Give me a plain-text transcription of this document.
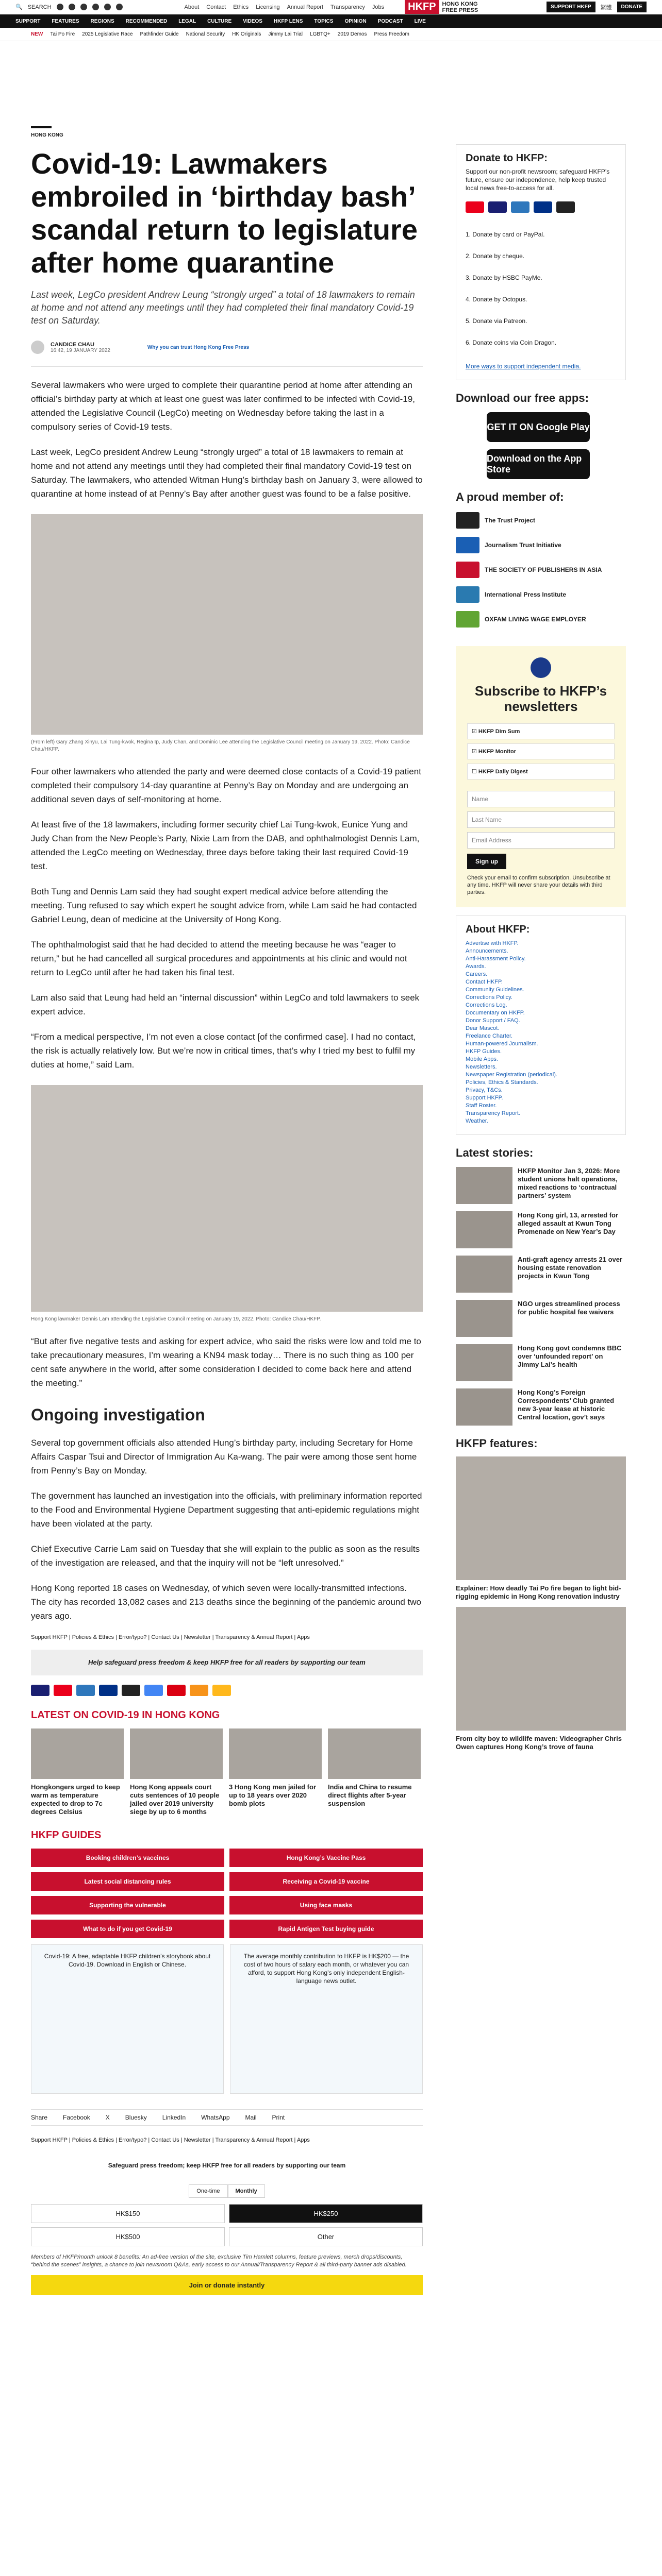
🔍 SEARCH	About Contact Ethics Licensing Annual Report Transparency Jobs	HKFP	HONG KONG
FREE PRESS	SUPPORT HKFP	繁體	DONATE
SUPPORT FEATURES REGIONS RECOMMENDED LEGAL CULTURE VIDEOS HKFP LENS TOPICS OPINION PODCAST LIVE
NEW Tai Po Fire 2025 Legislative Race Pathfinder Guide National Security HK Originals Jimmy Lai Trial LGBTQ+ 2019 Demos Press Freedom
HONG KONG
Covid-19: Lawmakers embroiled in ‘birthday bash’ scandal return to legislature after home quarantine
Last week, LegCo president Andrew Leung “strongly urged” a total of 18 lawmakers to remain at home and not attend any meetings until they had completed their final mandatory Covid-19 test on Saturday.
CANDICE CHAU
16:42, 19 JANUARY 2022
Why you can trust Hong Kong Free Press
Several lawmakers who were urged to complete their quarantine period at home after attending an official’s birthday party at which at least one guest was later confirmed to be infected with Covid-19, attended the Legislative Council (LegCo) meeting on Wednesday before taking the last in a compulsory series of Covid-19 tests.
Last week, LegCo president Andrew Leung “strongly urged” a total of 18 lawmakers to remain at home and not attend any meetings until they had completed their final mandatory Covid-19 test on Saturday. The lawmakers, who attended Witman Hung’s birthday bash on January 3, were allowed to quarantine at home instead of at Penny’s Bay after another guest was found to be a false positive.
(From left) Gary Zhang Xinyu, Lai Tung-kwok, Regina Ip, Judy Chan, and Dominic Lee attending the Legislative Council meeting on January 19, 2022. Photo: Candice Chau/HKFP.
Four other lawmakers who attended the party and were deemed close contacts of a Covid-19 patient completed their compulsory 14-day quarantine at Penny’s Bay on Monday and are undergoing an additional seven days of self-monitoring at home.
At least five of the 18 lawmakers, including former security chief Lai Tung-kwok, Eunice Yung and Judy Chan from the New People’s Party, Nixie Lam from the DAB, and ophthalmologist Dennis Lam, attended the LegCo meeting on Wednesday, three days before taking their last required Covid-19 test.
Both Tung and Dennis Lam said they had sought expert medical advice before attending the meeting. Tung refused to say which expert he sought advice from, while Lam said he had contacted Gabriel Leung, dean of medicine at the University of Hong Kong.
The ophthalmologist said that he had decided to attend the meeting because he was “eager to return,” but he had cancelled all surgical procedures and appointments at his clinic and would not return to LegCo until after he had taken his final test.
Lam also said that Leung had held an “internal discussion” within LegCo and told lawmakers to seek expert advice.
“From a medical perspective, I’m not even a close contact [of the confirmed case]. I had no contact, the risk is actually relatively low. But we’re now in critical times, that’s why I tried my best to fulfil my duties at home,” said Lam.
Hong Kong lawmaker Dennis Lam attending the Legislative Council meeting on January 19, 2022. Photo: Candice Chau/HKFP.
“But after five negative tests and asking for expert advice, who said the risks were low and told me to take precautionary measures, I’m wearing a KN94 mask today… There is no such thing as 100 per cent safe anywhere in the world, after some consideration I decided to come back here and attend the meeting.”
Ongoing investigation
Several top government officials also attended Hung’s birthday party, including Secretary for Home Affairs Caspar Tsui and Director of Immigration Au Ka-wang. The pair were among those sent home from Penny’s Bay on Monday.
The government has launched an investigation into the officials, with preliminary information reported to the Food and Environmental Hygiene Department suggesting that anti-epidemic regulations might have been violated at the party.
Chief Executive Carrie Lam said on Tuesday that she will explain to the public as soon as the results of the investigation are released, and that the inquiry will not be “left unresolved.”
Hong Kong reported 18 cases on Wednesday, of which seven were locally-transmitted infections. The city has recorded 13,082 cases and 213 deaths since the beginning of the pandemic around two years ago.
Support HKFP | Policies & Ethics | Error/typo? | Contact Us | Newsletter | Transparency & Annual Report | Apps
Help safeguard press freedom & keep HKFP free for all readers by supporting our team
LATEST ON COVID-19 IN HONG KONG
Hongkongers urged to keep warm as temperature expected to drop to 7c degrees Celsius
Hong Kong appeals court cuts sentences of 10 people jailed over 2019 university siege by up to 6 months
3 Hong Kong men jailed for up to 18 years over 2020 bomb plots
India and China to resume direct flights after 5-year suspension
HKFP GUIDES
Booking children’s vaccines	Hong Kong’s Vaccine Pass
Latest social distancing rules	Receiving a Covid-19 vaccine
Supporting the vulnerable	Using face masks
What to do if you get Covid-19	Rapid Antigen Test buying guide
Covid-19: A free, adaptable HKFP children’s storybook about Covid-19. Download in English or Chinese.
The average monthly contribution to HKFP is HK$200 — the cost of two hours of salary each month, or whatever you can afford, to support Hong Kong’s only independent English-language news outlet.
Share	Facebook	X	Bluesky	LinkedIn	WhatsApp	Mail	Print
Support HKFP | Policies & Ethics | Error/typo? | Contact Us | Newsletter | Transparency & Annual Report | Apps
Safeguard press freedom; keep HKFP free for all readers by supporting our team
One-time	Monthly
HK$150	HK$250
HK$500	Other
Members of HKFP/month unlock 8 benefits: An ad-free version of the site, exclusive Tim Hamlett columns, feature previews, merch drops/discounts, “behind the scenes” insights, a chance to join newsroom Q&As, early access to our Annual/Transparency Report & all third-party banner ads disabled.
Join or donate instantly
Donate to HKFP:
Support our non-profit newsroom; safeguard HKFP’s future, ensure our independence, help keep trusted local news free-to-access for all.
1. Donate by card or PayPal.
2. Donate by cheque.
3. Donate by HSBC PayMe.
4. Donate by Octopus.
5. Donate via Patreon.
6. Donate coins via Coin Dragon.
More ways to support independent media.
Download our free apps:
GET IT ON Google Play
Download on the App Store
A proud member of:
The Trust Project
Journalism Trust Initiative
THE SOCIETY OF PUBLISHERS IN ASIA
International Press Institute
OXFAM LIVING WAGE EMPLOYER
Subscribe to HKFP’s newsletters
☑ HKFP Dim Sum
☑ HKFP Monitor
☐ HKFP Daily Digest
Name
Last Name
Email Address
Sign up
Check your email to confirm subscription. Unsubscribe at any time. HKFP will never share your details with third parties.
About HKFP:
Advertise with HKFP.
Announcements.
Anti-Harassment Policy.
Awards.
Careers.
Contact HKFP.
Community Guidelines.
Corrections Policy.
Corrections Log.
Documentary on HKFP.
Donor Support / FAQ.
Dear Mascot.
Freelance Charter.
Human-powered Journalism.
HKFP Guides.
Mobile Apps.
Newsletters.
Newspaper Registration (periodical).
Policies, Ethics & Standards.
Privacy, T&Cs.
Support HKFP.
Staff Roster.
Transparency Report.
Weather.
Latest stories:
HKFP Monitor Jan 3, 2026: More student unions halt operations, mixed reactions to ‘contractual partners’ system
Hong Kong girl, 13, arrested for alleged assault at Kwun Tong Promenade on New Year’s Day
Anti-graft agency arrests 21 over housing estate renovation projects in Kwun Tong
NGO urges streamlined process for public hospital fee waivers
Hong Kong govt condemns BBC over ‘unfounded report’ on Jimmy Lai’s health
Hong Kong’s Foreign Correspondents’ Club granted new 3-year lease at historic Central location, gov’t says
HKFP features:
Explainer: How deadly Tai Po fire began to light bid-rigging epidemic in Hong Kong renovation industry
From city boy to wildlife maven: Videographer Chris Owen captures Hong Kong’s trove of fauna
